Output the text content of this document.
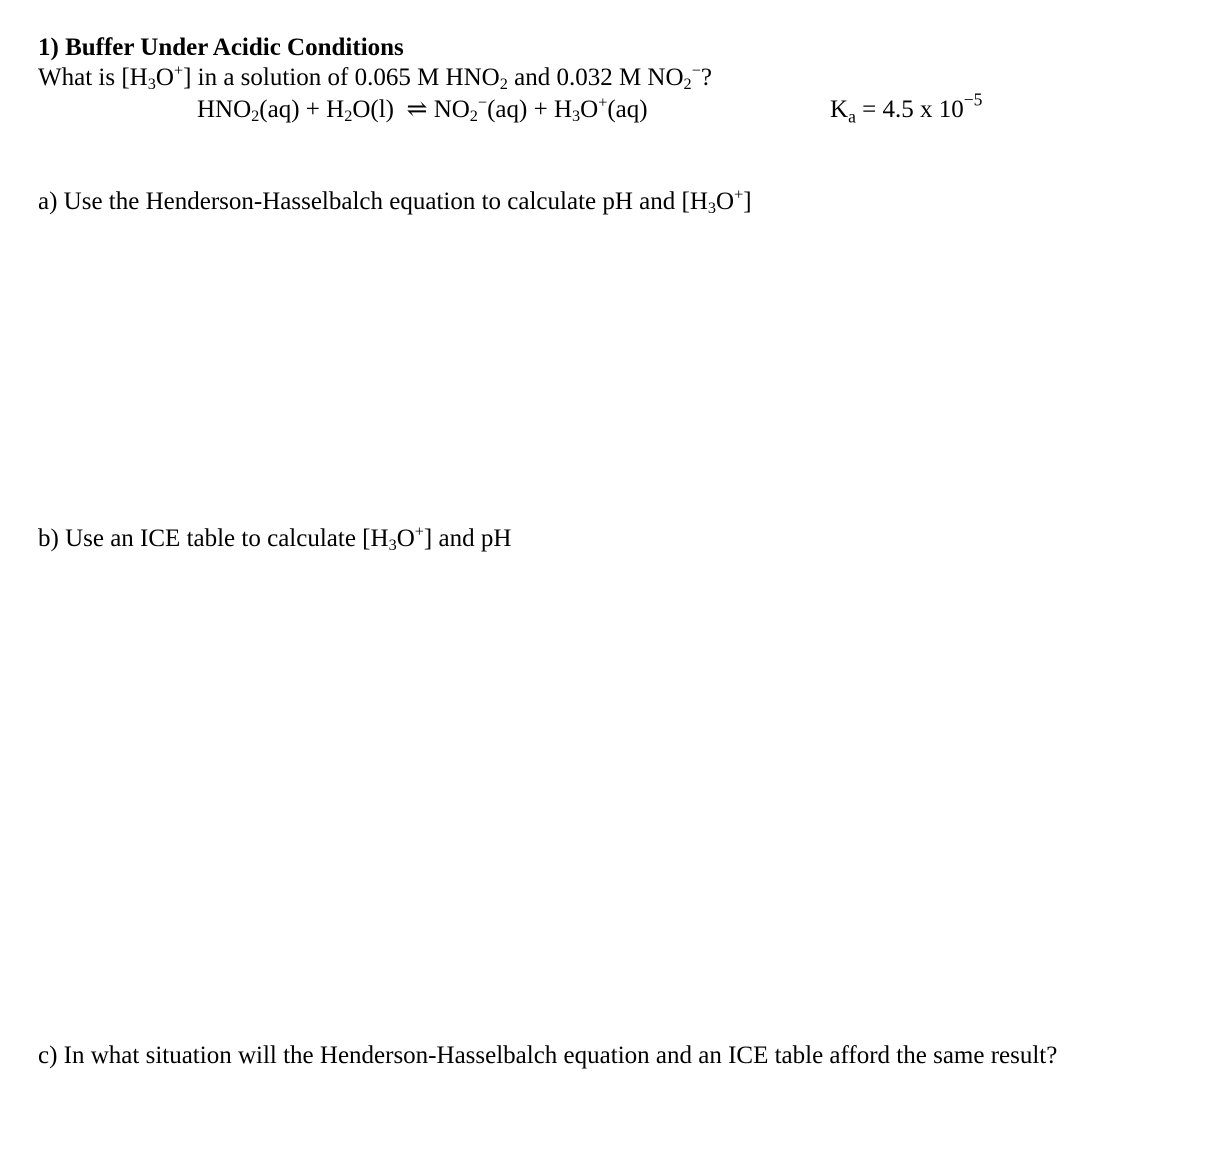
1) Buffer Under Acidic Conditions
What is $[H_3O^+]$ in a solution of 0.065 M $HNO_2$ and 0.032 M $NO_2^-$?
$HNO_2(aq) + H_2O(l)$ ⇌ $NO_2^-(aq) + H_3O^+(aq)$	$K_a = 4.5$ x $10^{-5}$
a) Use the Henderson-Hasselbalch equation to calculate pH and $[H_3O^+]$
b) Use an ICE table to calculate $[H_3O^+]$ and pH
c) In what situation will the Henderson-Hasselbalch equation and an ICE table afford the same result?
